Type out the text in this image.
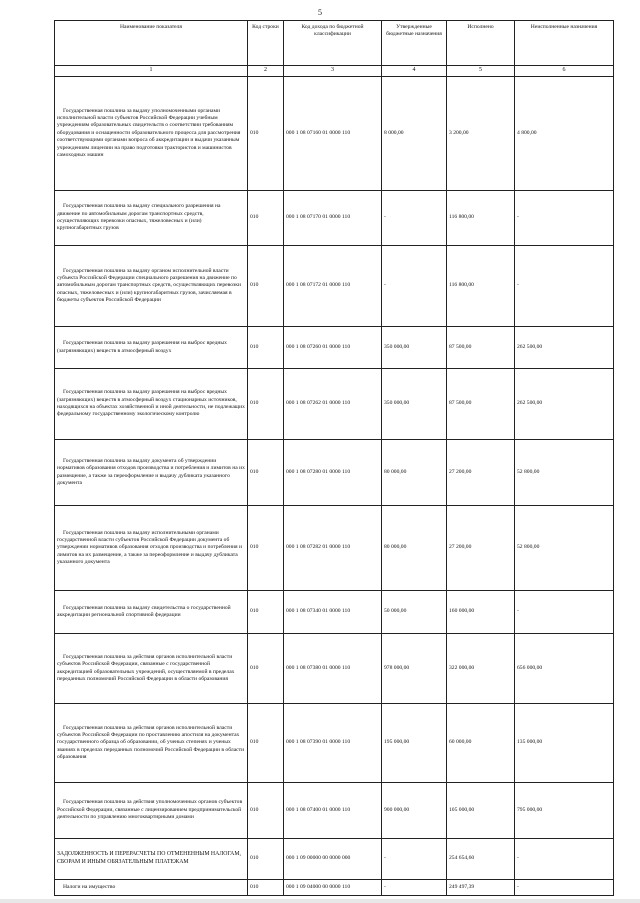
5
Наименование показателя	Код строки	Код дохода по бюджетной классификации	Утвержденные бюджетные назначения	Исполнено	Неисполненные назначения
1	2	3	4	5	6

Государственная пошлина за выдачу уполномоченными органами исполнительной власти субъектов Российской Федерации учебным учреждениям образовательных свидетельств о соответствии требованиям оборудования и оснащенности образовательного процесса для рассмотрения соответствующими органами вопроса об аккредитации и выдачи указанным учреждениям лицензии на право подготовки трактористов и машинистов самоходных машин	010	000 1 08 07160 01 0000 110	8 000,00	3 200,00	4 800,00

Государственная пошлина за выдачу специального разрешения на движение по автомобильным дорогам транспортных средств, осуществляющих перевозки опасных, тяжеловесных и (или) крупногабаритных грузов	010	000 1 08 07170 01 0000 110	-	116 800,00	-

Государственная пошлина за выдачу органом исполнительной власти субъекта Российской Федерации специального разрешения на движение по автомобильным дорогам транспортных средств, осуществляющих перевозки опасных, тяжеловесных и (или) крупногабаритных грузов, зачисляемая в бюджеты субъектов Российской Федерации	010	000 1 08 07172 01 0000 110	-	116 800,00	-

Государственная пошлина за выдачу разрешения на выброс вредных (загрязняющих) веществ в атмосферный воздух	010	000 1 08 07260 01 0000 110	350 000,00	87 500,00	262 500,00

Государственная пошлина за выдачу разрешения на выброс вредных (загрязняющих) веществ в атмосферный воздух стационарных источников, находящихся на объектах хозяйственной и иной деятельности, не подлежащих федеральному государственному экологическому контролю	010	000 1 08 07262 01 0000 110	350 000,00	87 500,00	262 500,00

Государственная пошлина за выдачу документа об утверждении нормативов образования отходов производства и потребления и лимитов на их размещение, а также за переоформление и выдачу дубликата указанного документа	010	000 1 08 07280 01 0000 110	80 000,00	27 200,00	52 800,00

Государственная пошлина за выдачу исполнительными органами государственной власти субъектов Российской Федерации документа об утверждении нормативов образования отходов производства и потребления и лимитов на их размещение, а также за переоформление и выдачу дубликата указанного документа	010	000 1 08 07282 01 0000 110	80 000,00	27 200,00	52 800,00

Государственная пошлина за выдачу свидетельства о государственной аккредитации региональной спортивной федерации	010	000 1 08 07340 01 0000 110	50 000,00	160 000,00	-

Государственная пошлина за действия органов исполнительной власти субъектов Российской Федерации, связанные с государственной аккредитацией образовательных учреждений, осуществляемой в пределах переданных полномочий Российской Федерации в области образования	010	000 1 08 07380 01 0000 110	978 000,00	322 000,00	656 000,00

Государственная пошлина за действия органов исполнительной власти субъектов Российской Федерации по проставлению апостиля на документах государственного образца об образовании, об ученых степенях и ученых званиях в пределах переданных полномочий Российской Федерации в области образования	010	000 1 08 07390 01 0000 110	195 000,00	60 000,00	135 000,00

Государственная пошлина за действия уполномоченных органов субъектов Российской Федерации, связанные с лицензированием предпринимательской деятельности по управлению многоквартирными домами	010	000 1 08 07400 01 0000 110	900 000,00	105 000,00	795 000,00

ЗАДОЛЖЕННОСТЬ И ПЕРЕРАСЧЕТЫ ПО ОТМЕНЕННЫМ НАЛОГАМ, СБОРАМ И ИНЫМ ОБЯЗАТЕЛЬНЫМ ПЛАТЕЖАМ	010	000 1 09 00000 00 0000 000	-	254 654,60	-

Налоги на имущество	010	000 1 09 04000 00 0000 110	-	249 497,39	-
